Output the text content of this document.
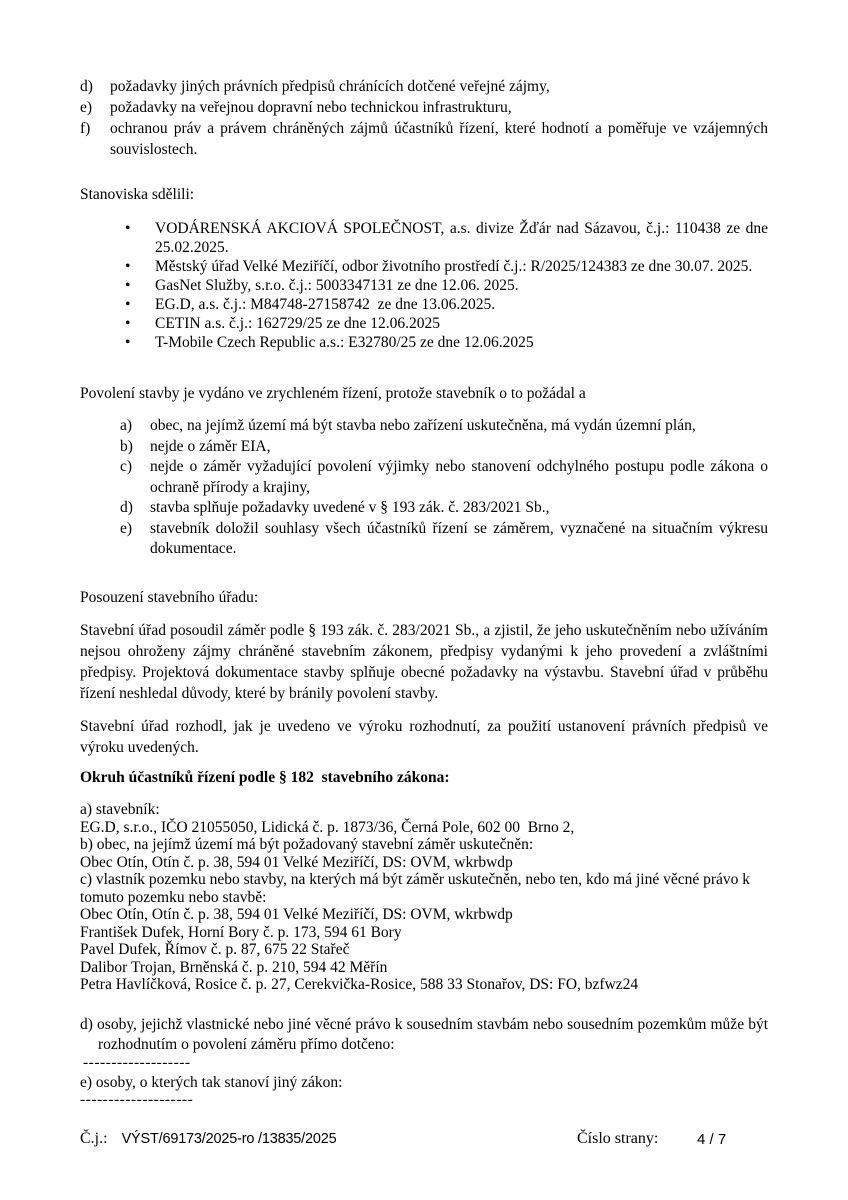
d)	požadavky jiných právních předpisů chránících dotčené veřejné zájmy,
e)	požadavky na veřejnou dopravní nebo technickou infrastrukturu,
f)	ochranou práv a právem chráněných zájmů účastníků řízení, které hodnotí a poměřuje ve vzájemných souvislostech.
Stanoviska sdělili:
•	VODÁRENSKÁ AKCIOVÁ SPOLEČNOST, a.s. divize Žďár nad Sázavou, č.j.: 110438 ze dne 25.02.2025.
•	Městský úřad Velké Meziříčí, odbor životního prostředí č.j.: R/2025/124383 ze dne 30.07. 2025.
•	GasNet Služby, s.r.o. č.j.: 5003347131 ze dne 12.06. 2025.
•	EG.D, a.s. č.j.: M84748-27158742  ze dne 13.06.2025.
•	CETIN a.s. č.j.: 162729/25 ze dne 12.06.2025
•	T-Mobile Czech Republic a.s.: E32780/25 ze dne 12.06.2025
Povolení stavby je vydáno ve zrychleném řízení, protože stavebník o to požádal a
a)	obec, na jejímž území má být stavba nebo zařízení uskutečněna, má vydán územní plán,
b)	nejde o záměr EIA,
c)	nejde o záměr vyžadující povolení výjimky nebo stanovení odchylného postupu podle zákona o ochraně přírody a krajiny,
d)	stavba splňuje požadavky uvedené v § 193 zák. č. 283/2021 Sb.,
e)	stavebník doložil souhlasy všech účastníků řízení se záměrem, vyznačené na situačním výkresu dokumentace.
Posouzení stavebního úřadu:
Stavební úřad posoudil záměr podle § 193 zák. č. 283/2021 Sb., a zjistil, že jeho uskutečněním nebo užíváním nejsou ohroženy zájmy chráněné stavebním zákonem, předpisy vydanými k jeho provedení a zvláštními předpisy. Projektová dokumentace stavby splňuje obecné požadavky na výstavbu. Stavební úřad v průběhu řízení neshledal důvody, které by bránily povolení stavby.
Stavební úřad rozhodl, jak je uvedeno ve výroku rozhodnutí, za použití ustanovení právních předpisů ve výroku uvedených.
Okruh účastníků řízení podle § 182  stavebního zákona:
a) stavebník:
EG.D, s.r.o., IČO 21055050, Lidická č. p. 1873/36, Černá Pole, 602 00  Brno 2,
b) obec, na jejímž území má být požadovaný stavební záměr uskutečněn:
Obec Otín, Otín č. p. 38, 594 01 Velké Meziříčí, DS: OVM, wkrbwdp
c) vlastník pozemku nebo stavby, na kterých má být záměr uskutečněn, nebo ten, kdo má jiné věcné právo k tomuto pozemku nebo stavbě:
Obec Otín, Otín č. p. 38, 594 01 Velké Meziříčí, DS: OVM, wkrbwdp
František Dufek, Horní Bory č. p. 173, 594 61 Bory
Pavel Dufek, Římov č. p. 87, 675 22 Stařeč
Dalibor Trojan, Brněnská č. p. 210, 594 42 Měřín
Petra Havlíčková, Rosice č. p. 27, Cerekvička-Rosice, 588 33 Stonařov, DS: FO, bzfwz24
d) osoby, jejichž vlastnické nebo jiné věcné právo k sousedním stavbám nebo sousedním pozemkům může být rozhodnutím o povolení záměru přímo dotčeno:
-------------------
e) osoby, o kterých tak stanoví jiný zákon:
--------------------
Č.j.: VÝST/69173/2025-ro /13835/2025	Číslo strany:	4 / 7
